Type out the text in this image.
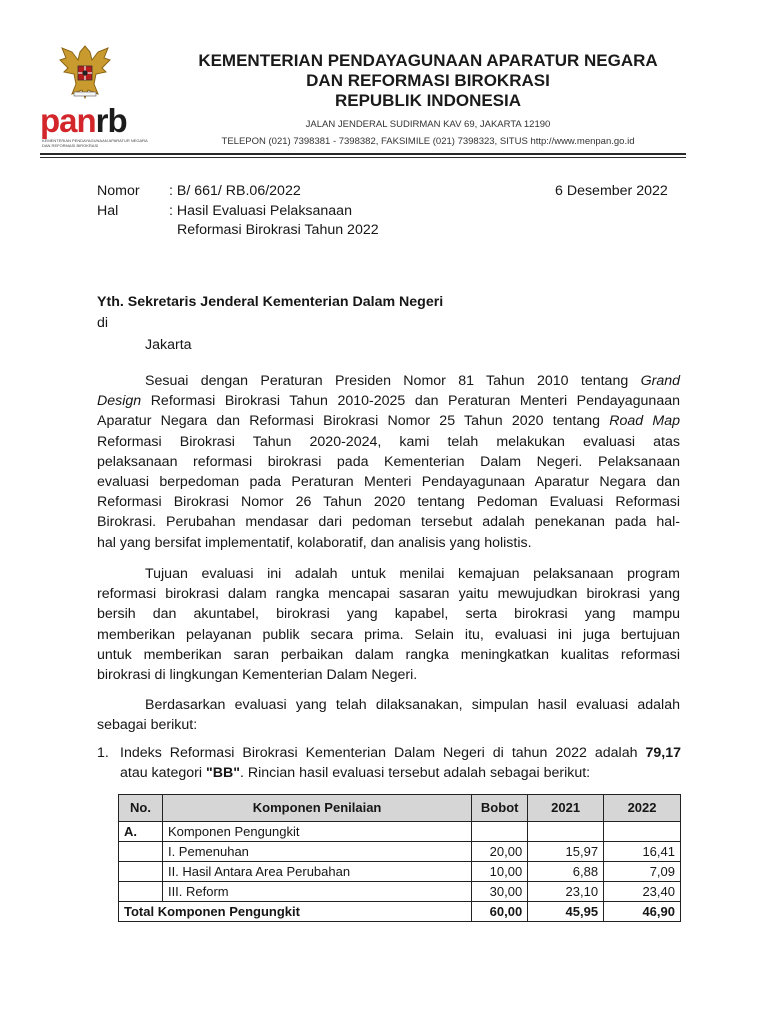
panrb
KEMENTERIAN PENDAYAGUNAAN APARATUR NEGARA DAN REFORMASI BIROKRASI
KEMENTERIAN PENDAYAGUNAAN APARATUR NEGARA
DAN REFORMASI BIROKRASI
REPUBLIK INDONESIA
JALAN JENDERAL SUDIRMAN KAV 69, JAKARTA 12190
TELEPON (021) 7398381 - 7398382, FAKSIMILE (021) 7398323, SITUS http://www.menpan.go.id
Nomor : B/ 661/ RB.06/2022	6 Desember 2022
Hal	: Hasil Evaluasi Pelaksanaan
Reformasi Birokrasi Tahun 2022
Yth. Sekretaris Jenderal Kementerian Dalam Negeri
di
Jakarta
Sesuai dengan Peraturan Presiden Nomor 81 Tahun 2010 tentang Grand
Design Reformasi Birokrasi Tahun 2010-2025 dan Peraturan Menteri Pendayagunaan
Aparatur Negara dan Reformasi Birokrasi Nomor 25 Tahun 2020 tentang Road Map
Reformasi Birokrasi Tahun 2020-2024, kami telah melakukan evaluasi atas
pelaksanaan reformasi birokrasi pada Kementerian Dalam Negeri. Pelaksanaan
evaluasi berpedoman pada Peraturan Menteri Pendayagunaan Aparatur Negara dan
Reformasi Birokrasi Nomor 26 Tahun 2020 tentang Pedoman Evaluasi Reformasi
Birokrasi. Perubahan mendasar dari pedoman tersebut adalah penekanan pada hal-
hal yang bersifat implementatif, kolaboratif, dan analisis yang holistis.
Tujuan evaluasi ini adalah untuk menilai kemajuan pelaksanaan program
reformasi birokrasi dalam rangka mencapai sasaran yaitu mewujudkan birokrasi yang
bersih dan akuntabel, birokrasi yang kapabel, serta birokrasi yang mampu
memberikan pelayanan publik secara prima. Selain itu, evaluasi ini juga bertujuan
untuk memberikan saran perbaikan dalam rangka meningkatkan kualitas reformasi
birokrasi di lingkungan Kementerian Dalam Negeri.
Berdasarkan evaluasi yang telah dilaksanakan, simpulan hasil evaluasi adalah
sebagai berikut:
1. Indeks Reformasi Birokrasi Kementerian Dalam Negeri di tahun 2022 adalah 79,17
atau kategori "BB". Rincian hasil evaluasi tersebut adalah sebagai berikut:
No.	Komponen Penilaian	Bobot	2021	2022
A.	Komponen Pengungkit			
	I. Pemenuhan	20,00	15,97	16,41
	II. Hasil Antara Area Perubahan	10,00	6,88	7,09
	III. Reform	30,00	23,10	23,40
Total Komponen Pengungkit		60,00	45,95	46,90
